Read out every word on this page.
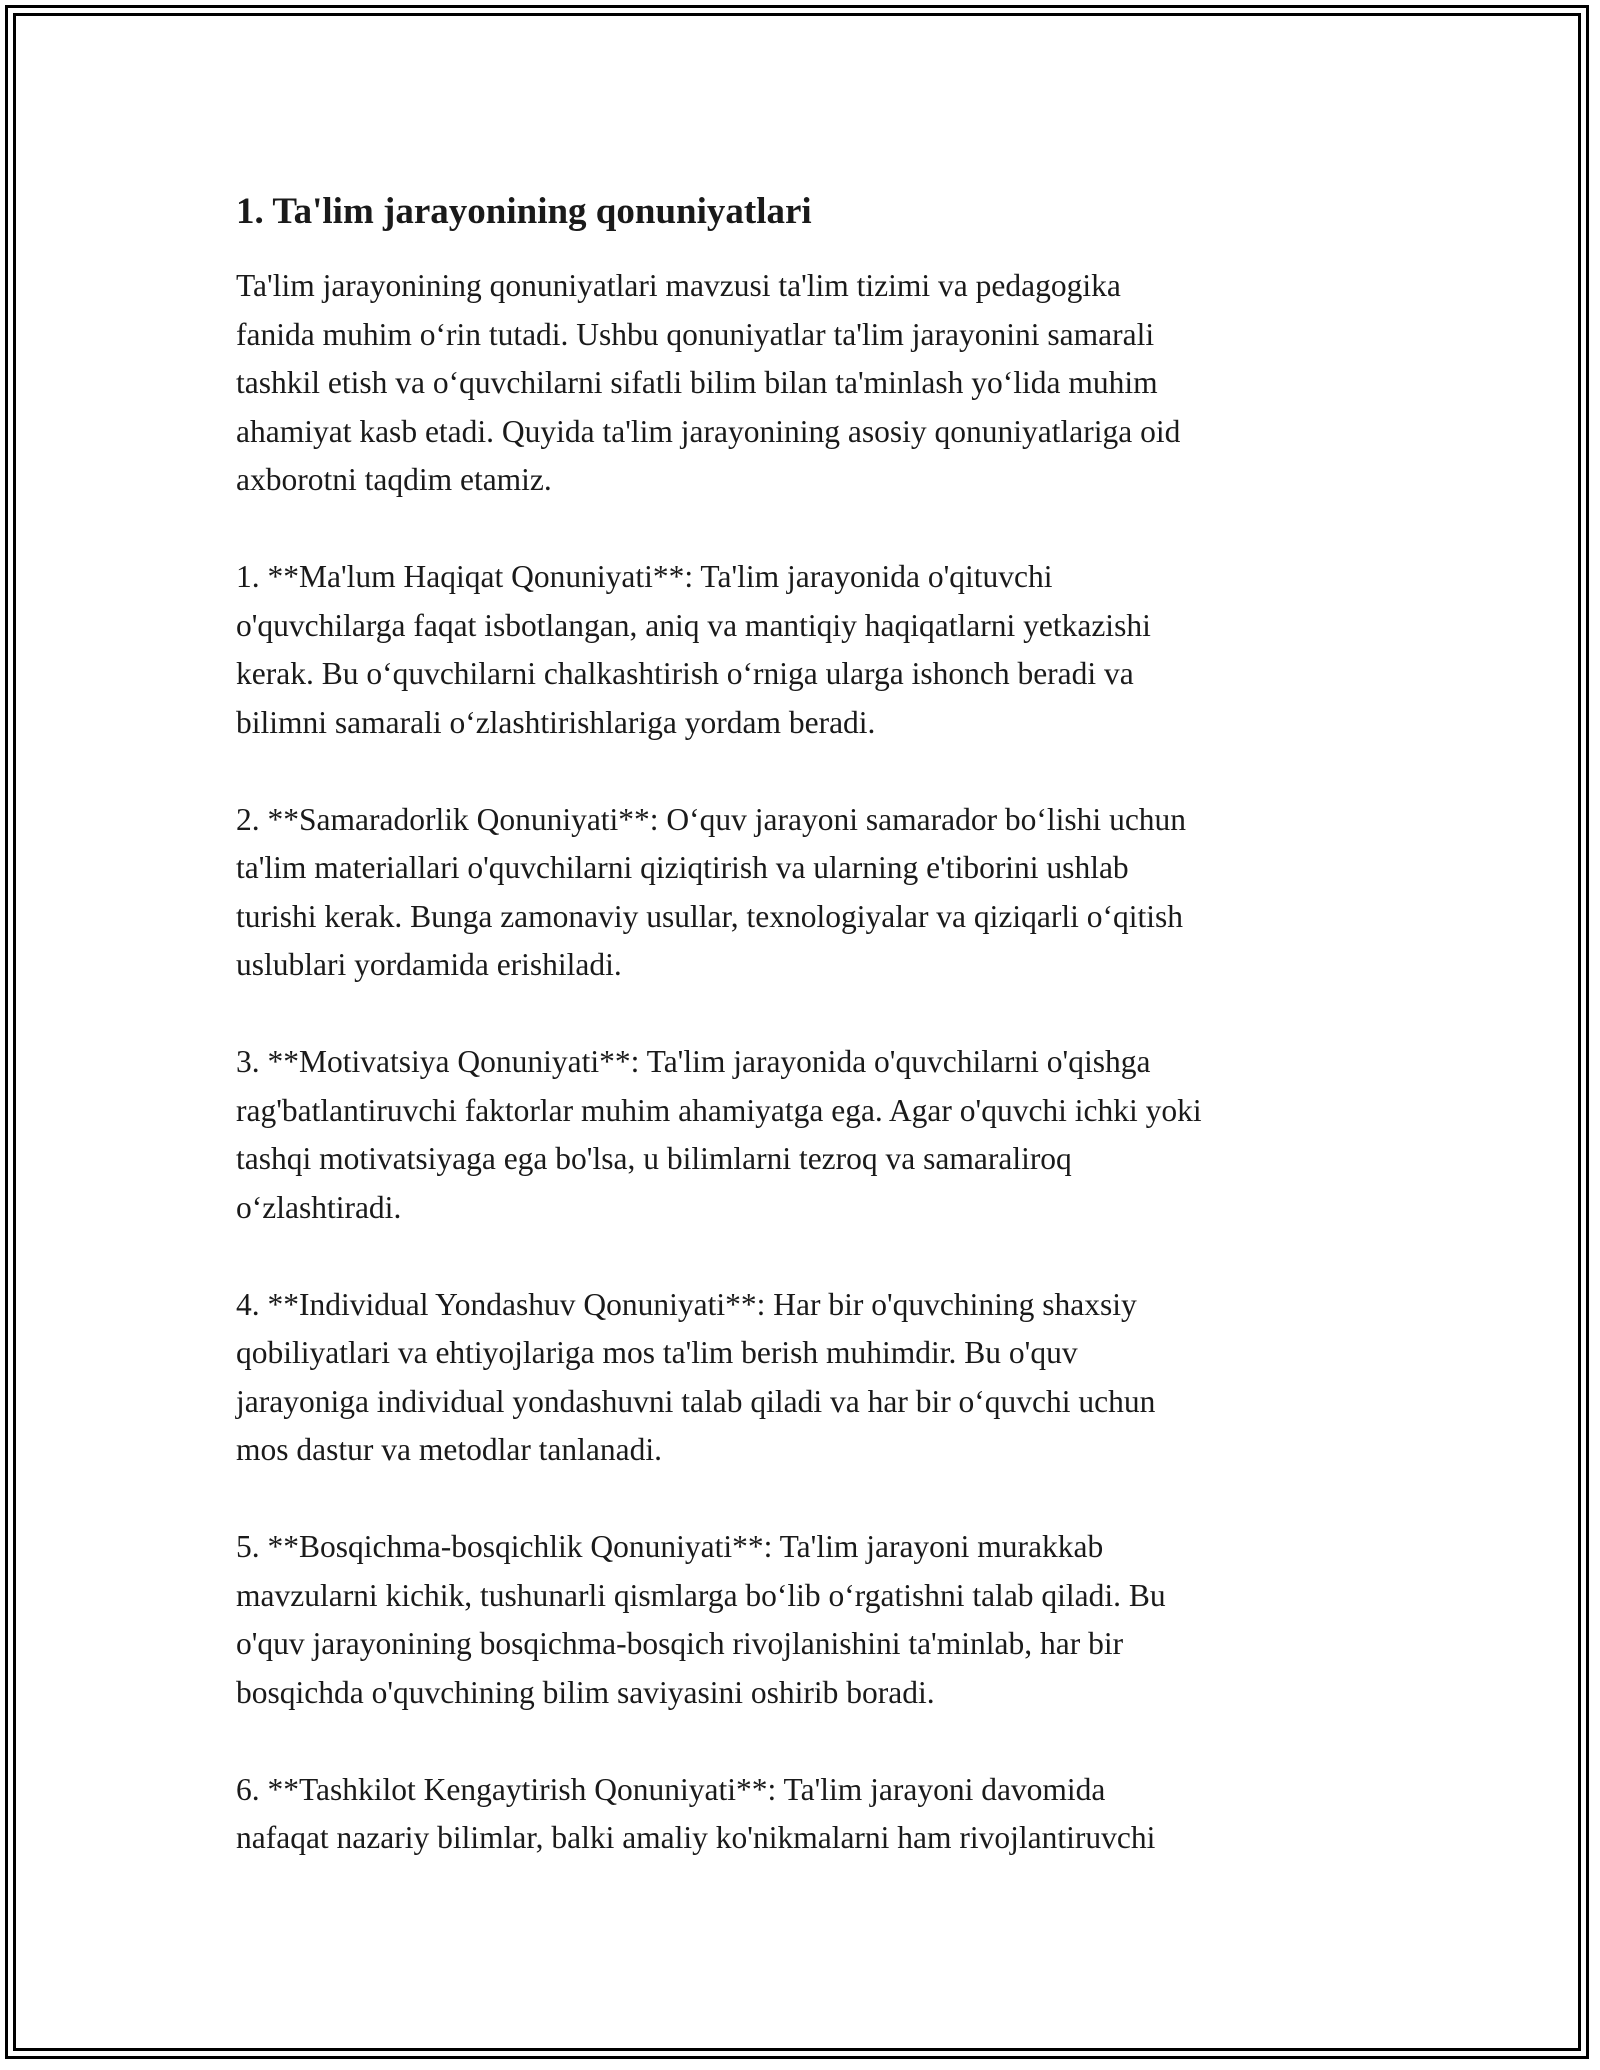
1. Ta'lim jarayonining qonuniyatlari

Ta'lim jarayonining qonuniyatlari mavzusi ta'lim tizimi va pedagogika
fanida muhim o‘rin tutadi. Ushbu qonuniyatlar ta'lim jarayonini samarali
tashkil etish va o‘quvchilarni sifatli bilim bilan ta'minlash yo‘lida muhim
ahamiyat kasb etadi. Quyida ta'lim jarayonining asosiy qonuniyatlariga oid
axborotni taqdim etamiz.

1. **Ma'lum Haqiqat Qonuniyati**: Ta'lim jarayonida o'qituvchi
o'quvchilarga faqat isbotlangan, aniq va mantiqiy haqiqatlarni yetkazishi
kerak. Bu o‘quvchilarni chalkashtirish o‘rniga ularga ishonch beradi va
bilimni samarali o‘zlashtirishlariga yordam beradi.

2. **Samaradorlik Qonuniyati**: O‘quv jarayoni samarador bo‘lishi uchun
ta'lim materiallari o'quvchilarni qiziqtirish va ularning e'tiborini ushlab
turishi kerak. Bunga zamonaviy usullar, texnologiyalar va qiziqarli o‘qitish
uslublari yordamida erishiladi.

3. **Motivatsiya Qonuniyati**: Ta'lim jarayonida o'quvchilarni o'qishga
rag'batlantiruvchi faktorlar muhim ahamiyatga ega. Agar o'quvchi ichki yoki
tashqi motivatsiyaga ega bo'lsa, u bilimlarni tezroq va samaraliroq
o‘zlashtiradi.

4. **Individual Yondashuv Qonuniyati**: Har bir o'quvchining shaxsiy
qobiliyatlari va ehtiyojlariga mos ta'lim berish muhimdir. Bu o'quv
jarayoniga individual yondashuvni talab qiladi va har bir o‘quvchi uchun
mos dastur va metodlar tanlanadi.

5. **Bosqichma-bosqichlik Qonuniyati**: Ta'lim jarayoni murakkab
mavzularni kichik, tushunarli qismlarga bo‘lib o‘rgatishni talab qiladi. Bu
o'quv jarayonining bosqichma-bosqich rivojlanishini ta'minlab, har bir
bosqichda o'quvchining bilim saviyasini oshirib boradi.

6. **Tashkilot Kengaytirish Qonuniyati**: Ta'lim jarayoni davomida
nafaqat nazariy bilimlar, balki amaliy ko'nikmalarni ham rivojlantiruvchi
